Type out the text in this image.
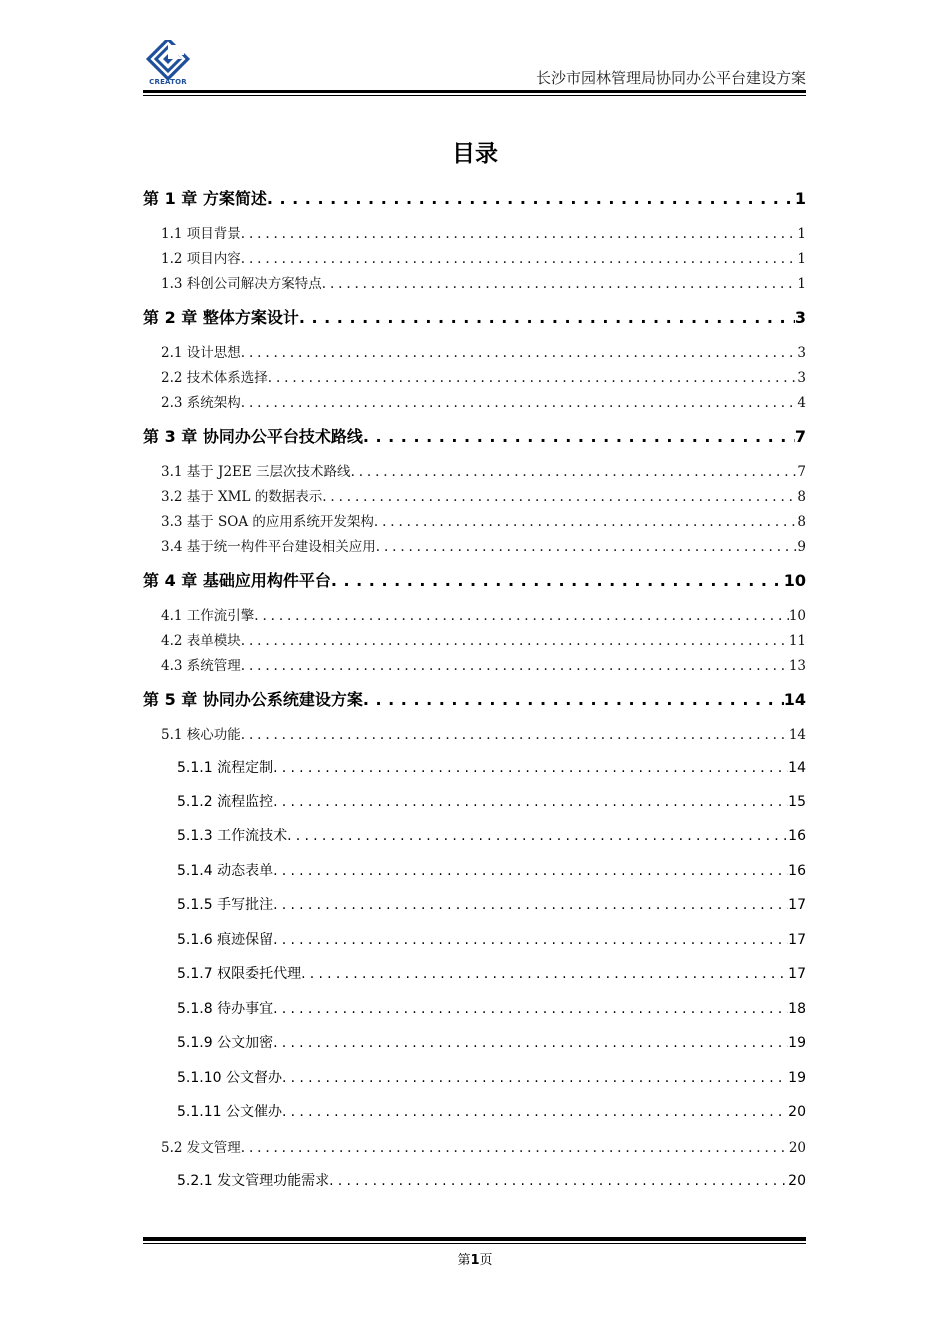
CREATOR	长沙市园林管理局协同办公平台建设方案
目录
第 1 章 方案简述 . . .	1
1.1 项目背景 . . .	1
1.2 项目内容 . . .	1
1.3 科创公司解决方案特点 . . .	1
第 2 章 整体方案设计 . . .	3
2.1 设计思想 . . .	3
2.2 技术体系选择 . . .	3
2.3 系统架构 . . .	4
第 3 章 协同办公平台技术路线 . . .	7
3.1 基于 J2EE 三层次技术路线 . . .	7
3.2 基于 XML 的数据表示 . . .	8
3.3 基于 SOA 的应用系统开发架构 . . .	8
3.4 基于统一构件平台建设相关应用 . . .	9
第 4 章 基础应用构件平台 . . .	10
4.1 工作流引擎 . . .	10
4.2 表单模块 . . .	11
4.3 系统管理 . . .	13
第 5 章 协同办公系统建设方案 . . .	14
5.1 核心功能 . . .	14
5.1.1 流程定制 . . .	14
5.1.2 流程监控 . . .	15
5.1.3 工作流技术 . . .	16
5.1.4 动态表单 . . .	16
5.1.5 手写批注 . . .	17
5.1.6 痕迹保留 . . .	17
5.1.7 权限委托代理 . . .	17
5.1.8 待办事宜 . . .	18
5.1.9 公文加密 . . .	19
5.1.10 公文督办 . . .	19
5.1.11 公文催办 . . .	20
5.2 发文管理 . . .	20
5.2.1 发文管理功能需求 . . .	20
第1页
